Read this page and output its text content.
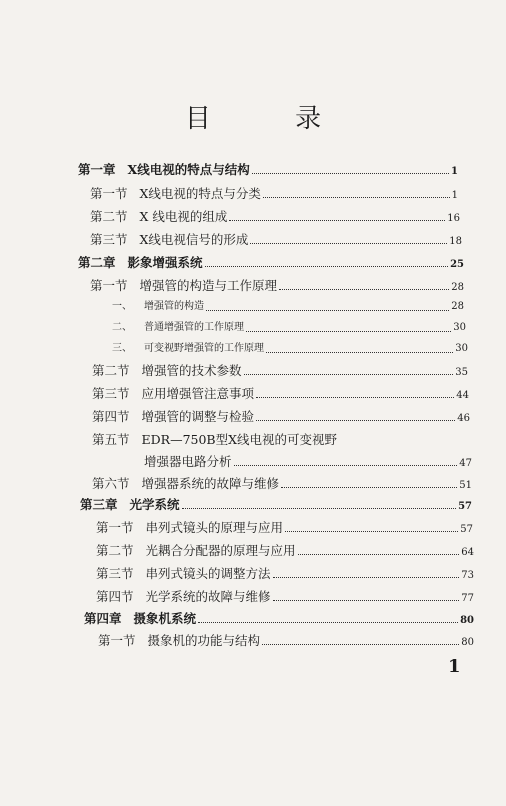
目 录
第一章 X线电视的特点与结构	1
第一节 X线电视的特点与分类	1
第二节 X 线电视的组成	16
第三节 X线电视信号的形成	18
第二章 影象增强系统	25
第一节 增强管的构造与工作原理	28
一、 增强管的构造	28
二、 普通增强管的工作原理	30
三、 可变视野增强管的工作原理	30
第二节 增强管的技术参数	35
第三节 应用增强管注意事项	44
第四节 增强管的调整与检验	46
第五节 EDR—750B型X线电视的可变视野
增强器电路分析	47
第六节 增强器系统的故障与维修	51
第三章 光学系统	57
第一节 串列式镜头的原理与应用	57
第二节 光耦合分配器的原理与应用	64
第三节 串列式镜头的调整方法	73
第四节 光学系统的故障与维修	77
第四章 摄象机系统	80
第一节 摄象机的功能与结构	80
1
